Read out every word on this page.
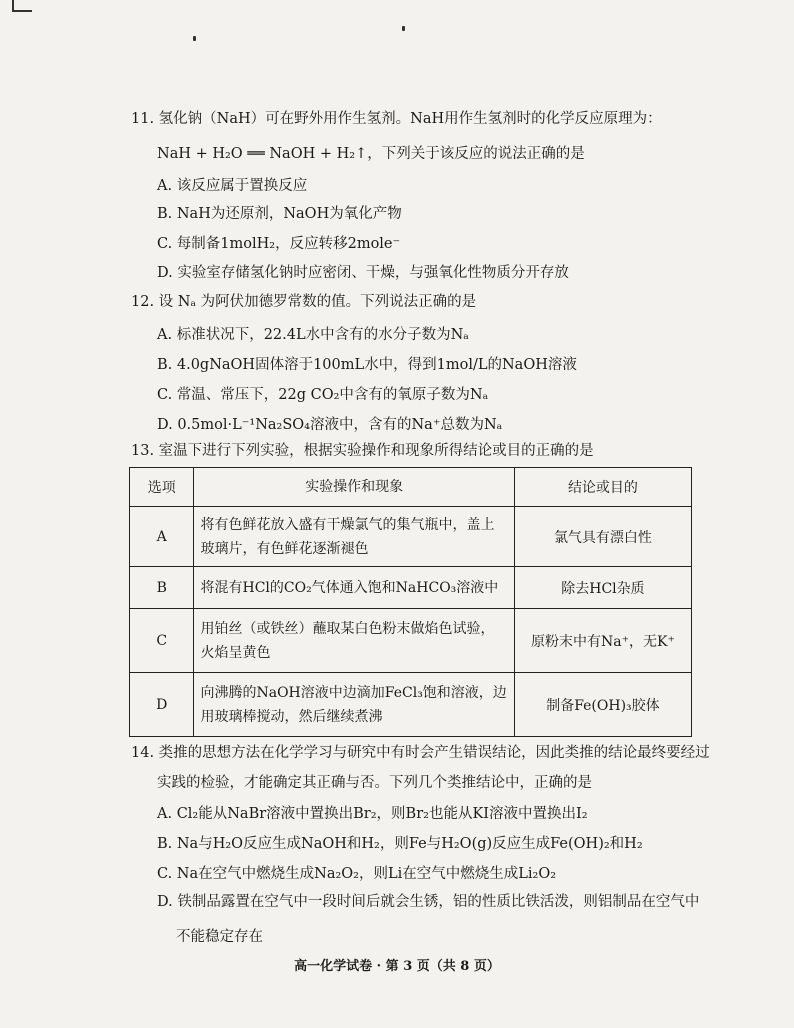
11. 氢化钠（NaH）可在野外用作生氢剂。NaH用作生氢剂时的化学反应原理为：
NaH + H₂O ══ NaOH + H₂↑，下列关于该反应的说法正确的是
A. 该反应属于置换反应
B. NaH为还原剂，NaOH为氧化产物
C. 每制备1molH₂，反应转移2mole⁻
D. 实验室存储氢化钠时应密闭、干燥，与强氧化性物质分开存放
12. 设 Nₐ 为阿伏加德罗常数的值。下列说法正确的是
A. 标准状况下，22.4L水中含有的水分子数为Nₐ
B. 4.0gNaOH固体溶于100mL水中，得到1mol/L的NaOH溶液
C. 常温、常压下，22g CO₂中含有的氧原子数为Nₐ
D. 0.5mol·L⁻¹Na₂SO₄溶液中，含有的Na⁺总数为Nₐ
13. 室温下进行下列实验，根据实验操作和现象所得结论或目的正确的是
选项	实验操作和现象	结论或目的
A	将有色鲜花放入盛有干燥氯气的集气瓶中，盖上玻璃片，有色鲜花逐渐褪色	氯气具有漂白性
B	将混有HCl的CO₂气体通入饱和NaHCO₃溶液中	除去HCl杂质
C	用铂丝（或铁丝）蘸取某白色粉末做焰色试验，火焰呈黄色	原粉末中有Na⁺，无K⁺
D	向沸腾的NaOH溶液中边滴加FeCl₃饱和溶液，边用玻璃棒搅动，然后继续煮沸	制备Fe(OH)₃胶体
14. 类推的思想方法在化学学习与研究中有时会产生错误结论，因此类推的结论最终要经过
实践的检验，才能确定其正确与否。下列几个类推结论中，正确的是
A. Cl₂能从NaBr溶液中置换出Br₂，则Br₂也能从KI溶液中置换出I₂
B. Na与H₂O反应生成NaOH和H₂，则Fe与H₂O(g)反应生成Fe(OH)₂和H₂
C. Na在空气中燃烧生成Na₂O₂，则Li在空气中燃烧生成Li₂O₂
D. 铁制品露置在空气中一段时间后就会生锈，铝的性质比铁活泼，则铝制品在空气中
不能稳定存在
高一化学试卷 · 第 3 页（共 8 页）
